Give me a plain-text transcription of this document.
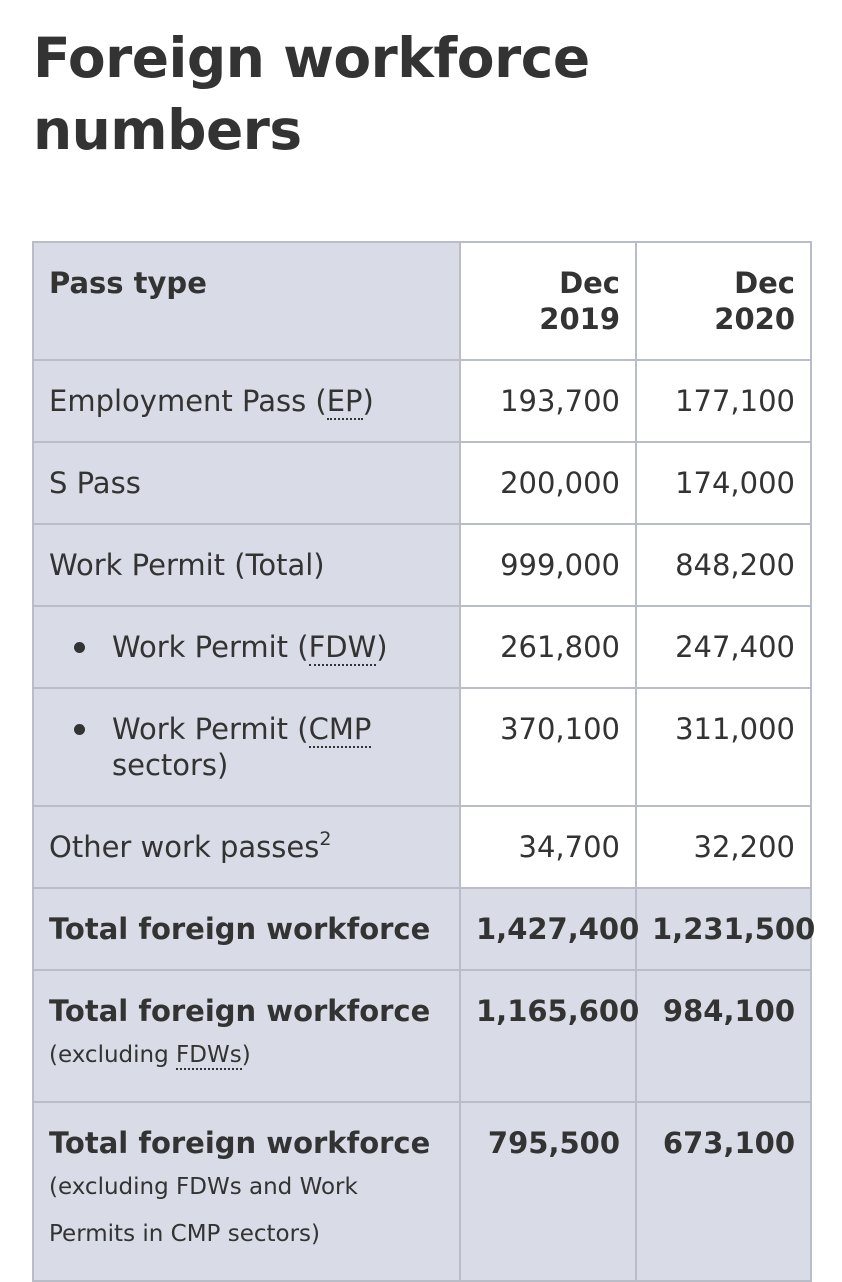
Foreign workforce numbers
Pass type	Dec 2019	Dec 2020
Employment Pass (EP)	193,700	177,100
S Pass	200,000	174,000
Work Permit (Total)	999,000	848,200

Work Permit (FDW)	261,800	247,400

Work Permit (CMP sectors)	370,100	311,000
Other work passes$^2$	34,700	32,200
Total foreign workforce	1,427,400	1,231,500
Total foreign workforce
(excluding FDWs)	1,165,600	984,100
Total foreign workforce
(excluding FDWs and Work Permits in CMP sectors)	795,500	673,100
